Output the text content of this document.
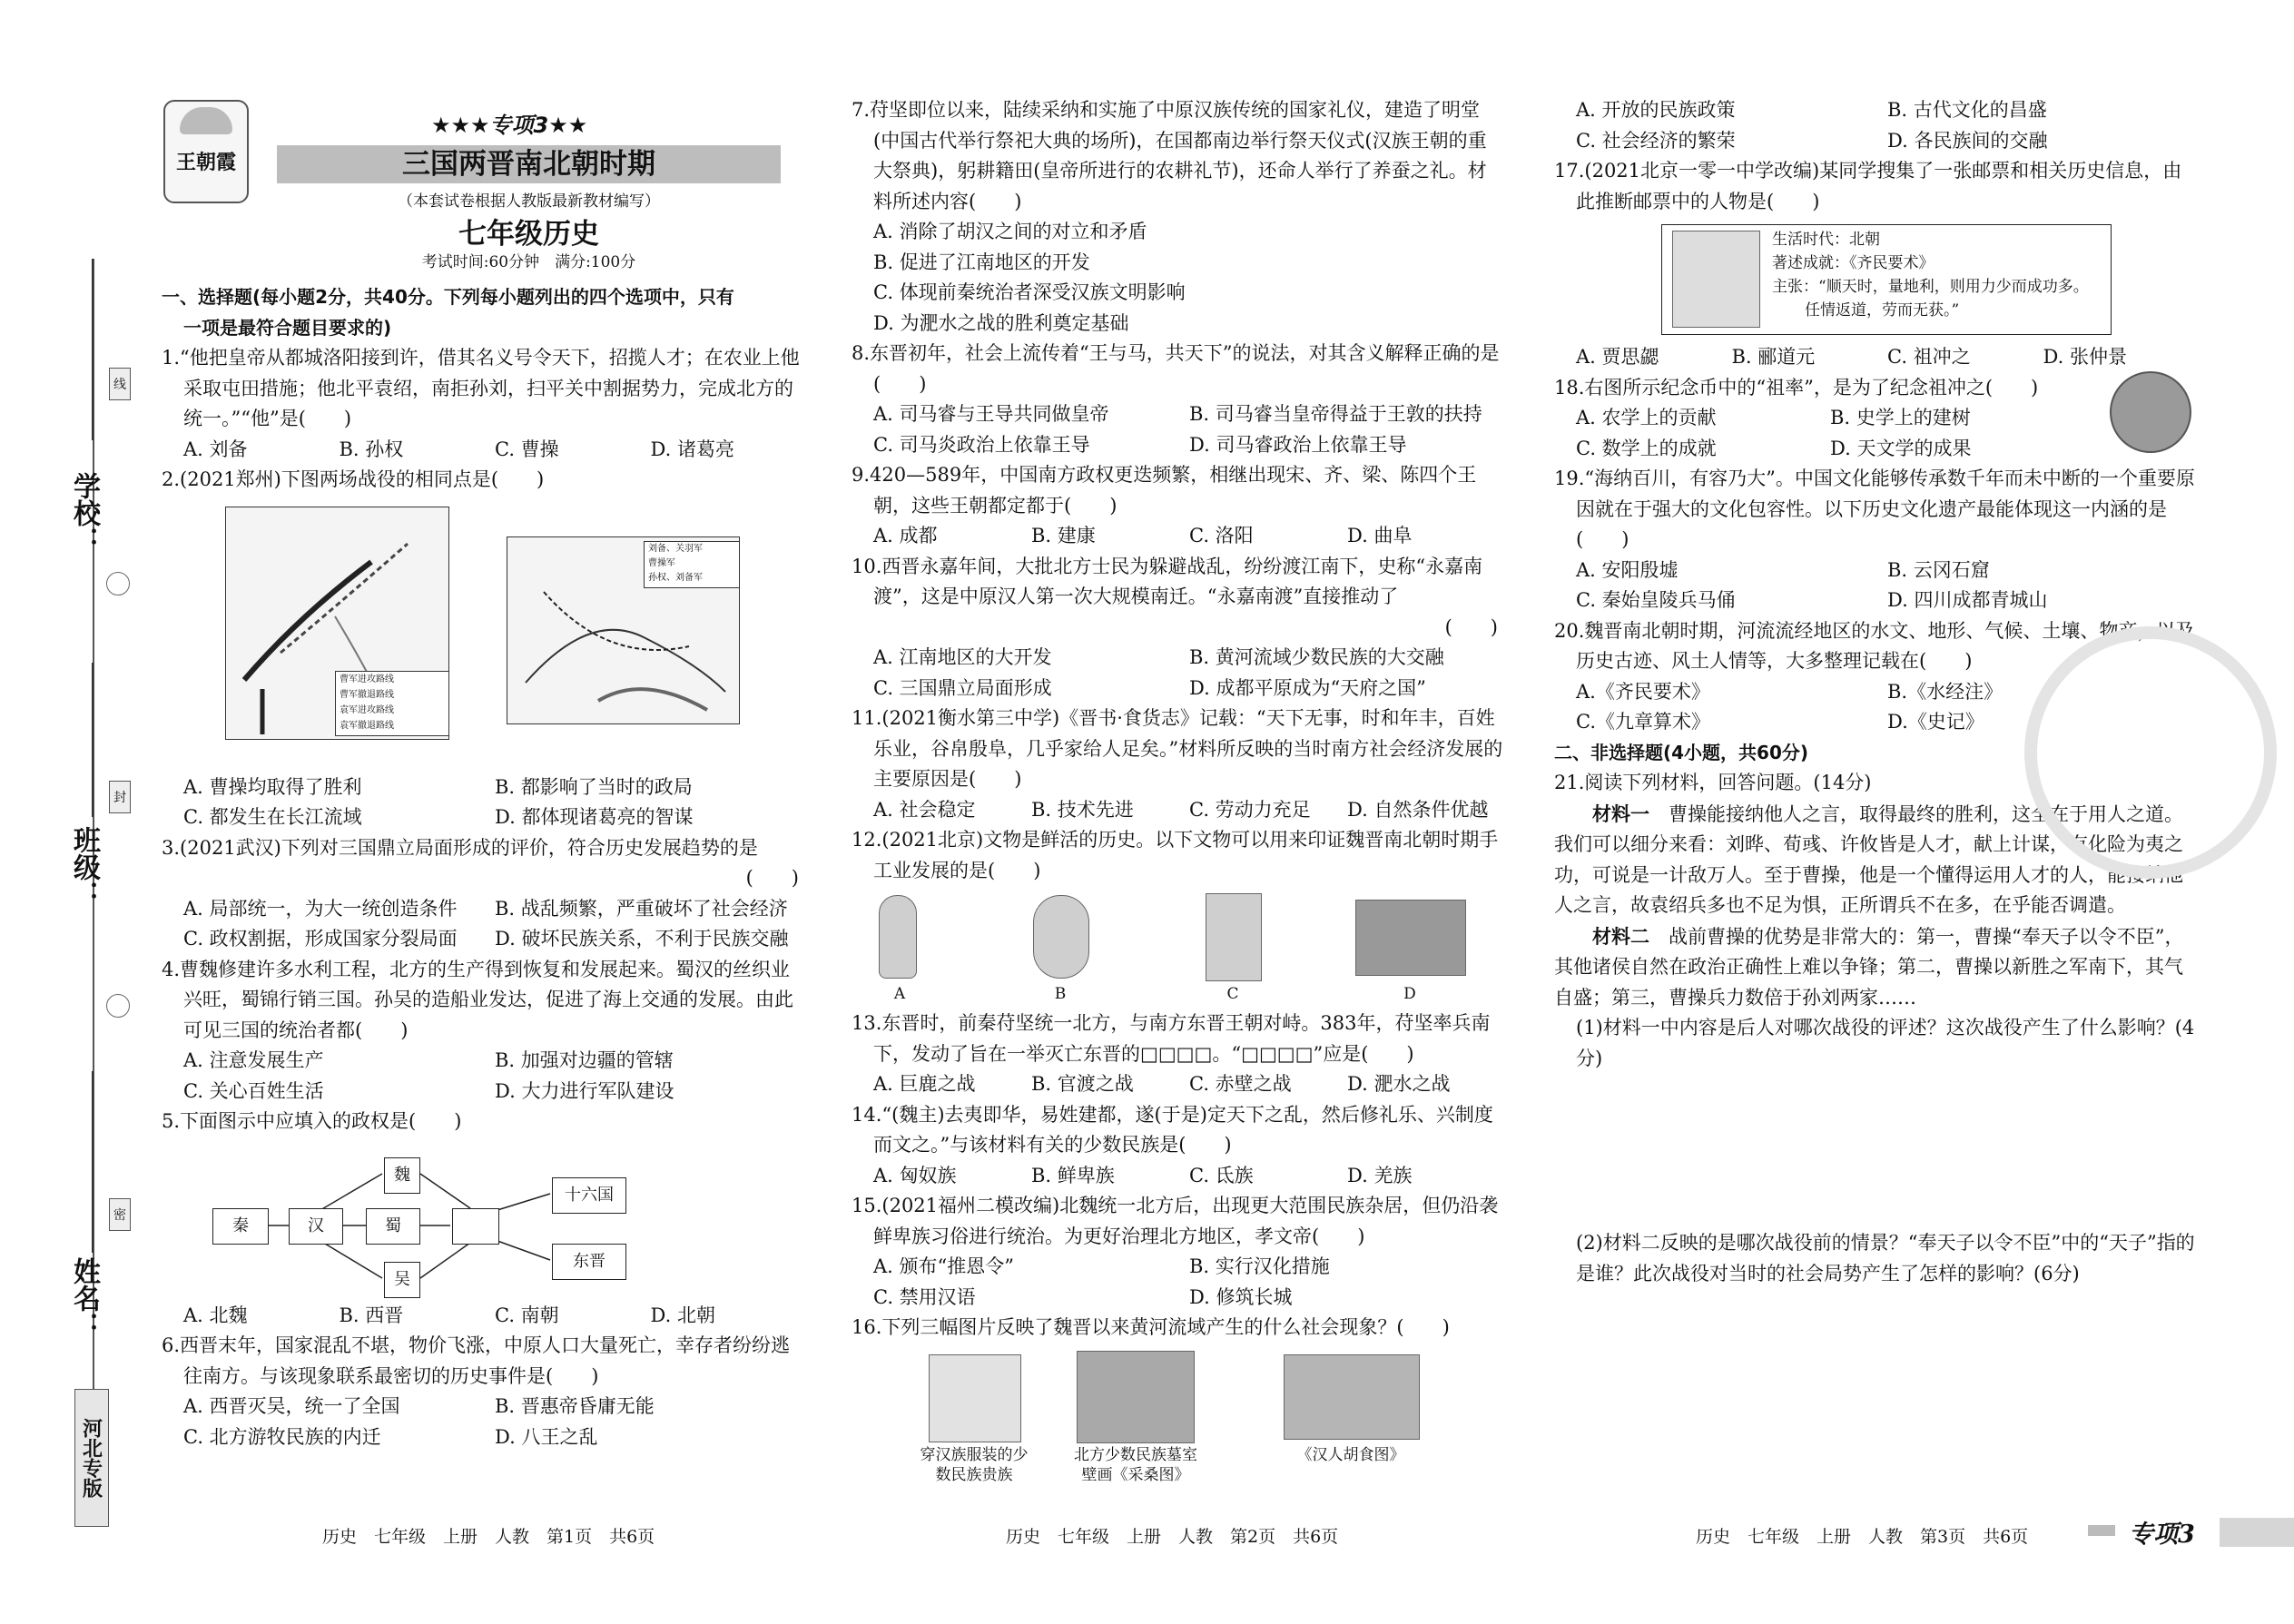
学校：
班级：
姓名：
线
封
密
河北专版
王朝霞
★★★专项3★★
三国两晋南北朝时期
（本套试卷根据人教版最新教材编写）
七年级历史
考试时间:60分钟　满分:100分

一、选择题(每小题2分，共40分。下列每小题列出的四个选项中，只有

一项是最符合题目要求的)

1.“他把皇帝从都城洛阳接到许，借其名义号令天下，招揽人才；在农业上他采取屯田措施；他北平袁绍，南拒孙刘，扫平关中割据势力，完成北方的统一。”“他”是(　　)

A. 刘备	B. 孙权	C. 曹操	D. 诸葛亮

2.(2021郑州)下图两场战役的相同点是(　　)

曹军进攻路线
曹军撤退路线
袁军进攻路线
袁军撤退路线
刘备、关羽军
曹操军
孙权、刘备军
A. 曹操均取得了胜利	B. 都影响了当时的政局
C. 都发生在长江流域	D. 都体现诸葛亮的智谋

3.(2021武汉)下列对三国鼎立局面形成的评价，符合历史发展趋势的是

(　　)

A. 局部统一，为大一统创造条件	B. 战乱频繁，严重破坏了社会经济
C. 政权割据，形成国家分裂局面	D. 破坏民族关系，不利于民族交融

4.曹魏修建许多水利工程，北方的生产得到恢复和发展起来。蜀汉的丝织业兴旺，蜀锦行销三国。孙吴的造船业发达，促进了海上交通的发展。由此可见三国的统治者都(　　)

A. 注意发展生产	B. 加强对边疆的管辖
C. 关心百姓生活	D. 大力进行军队建设

5.下面图示中应填入的政权是(　　)

秦	汉
魏
蜀
吴
十六国
东晋
A. 北魏	B. 西晋	C. 南朝	D. 北朝

6.西晋末年，国家混乱不堪，物价飞涨，中原人口大量死亡，幸存者纷纷逃往南方。与该现象联系最密切的历史事件是(　　)

A. 西晋灭吴，统一了全国	B. 晋惠帝昏庸无能
C. 北方游牧民族的内迁	D. 八王之乱

7.苻坚即位以来，陆续采纳和实施了中原汉族传统的国家礼仪，建造了明堂(中国古代举行祭祀大典的场所)，在国都南边举行祭天仪式(汉族王朝的重大祭典)，躬耕籍田(皇帝所进行的农耕礼节)，还命人举行了养蚕之礼。材料所述内容(　　)

A. 消除了胡汉之间的对立和矛盾

B. 促进了江南地区的开发

C. 体现前秦统治者深受汉族文明影响

D. 为淝水之战的胜利奠定基础

8.东晋初年，社会上流传着“王与马，共天下”的说法，对其含义解释正确的是(　　)

A. 司马睿与王导共同做皇帝	B. 司马睿当皇帝得益于王敦的扶持
C. 司马炎政治上依靠王导	D. 司马睿政治上依靠王导

9.420—589年，中国南方政权更迭频繁，相继出现宋、齐、梁、陈四个王朝，这些王朝都定都于(　　)

A. 成都	B. 建康	C. 洛阳	D. 曲阜

10.西晋永嘉年间，大批北方士民为躲避战乱，纷纷渡江南下，史称“永嘉南渡”，这是中原汉人第一次大规模南迁。“永嘉南渡”直接推动了

(　　)

A. 江南地区的大开发	B. 黄河流域少数民族的大交融
C. 三国鼎立局面形成	D. 成都平原成为“天府之国”

11.(2021衡水第三中学)《晋书·食货志》记载：“天下无事，时和年丰，百姓乐业，谷帛殷阜，几乎家给人足矣。”材料所反映的当时南方社会经济发展的主要原因是(　　)

A. 社会稳定	B. 技术先进	C. 劳动力充足	D. 自然条件优越

12.(2021北京)文物是鲜活的历史。以下文物可以用来印证魏晋南北朝时期手工业发展的是(　　)

A	B	C	D

13.东晋时，前秦苻坚统一北方，与南方东晋王朝对峙。383年，苻坚率兵南下，发动了旨在一举灭亡东晋的□□□□。“□□□□”应是(　　)

A. 巨鹿之战	B. 官渡之战	C. 赤壁之战	D. 淝水之战

14.“(魏主)去夷即华，易姓建都，遂(于是)定天下之乱，然后修礼乐、兴制度而文之。”与该材料有关的少数民族是(　　)

A. 匈奴族	B. 鲜卑族	C. 氐族	D. 羌族

15.(2021福州二模改编)北魏统一北方后，出现更大范围民族杂居，但仍沿袭鲜卑族习俗进行统治。为更好治理北方地区，孝文帝(　　)

A. 颁布“推恩令”	B. 实行汉化措施
C. 禁用汉语	D. 修筑长城

16.下列三幅图片反映了魏晋以来黄河流域产生的什么社会现象？(　　)

穿汉族服装的少数民族贵族
北方少数民族墓室壁画《采桑图》
《汉人胡食图》
A. 开放的民族政策	B. 古代文化的昌盛
C. 社会经济的繁荣	D. 各民族间的交融

17.(2021北京一零一中学改编)某同学搜集了一张邮票和相关历史信息，由此推断邮票中的人物是(　　)

生活时代：北朝
著述成就：《齐民要术》
主张：“顺天时，量地利，则用力少而成功多。
任情返道，劳而无获。”
A. 贾思勰	B. 郦道元	C. 祖冲之	D. 张仲景

18.右图所示纪念币中的“祖率”，是为了纪念祖冲之(　　)

A. 农学上的贡献	B. 史学上的建树
C. 数学上的成就	D. 天文学的成果

19.“海纳百川，有容乃大”。中国文化能够传承数千年而未中断的一个重要原因就在于强大的文化包容性。以下历史文化遗产最能体现这一内涵的是(　　)

A. 安阳殷墟	B. 云冈石窟
C. 秦始皇陵兵马俑	D. 四川成都青城山

20.魏晋南北朝时期，河流流经地区的水文、地形、气候、土壤、物产，以及历史古迹、风土人情等，大多整理记载在(　　)

A.《齐民要术》	B.《水经注》
C.《九章算术》	D.《史记》

二、非选择题(4小题，共60分)

21.阅读下列材料，回答问题。(14分)

材料一　 曹操能接纳他人之言，取得最终的胜利，这全在于用人之道。我们可以细分来看：刘晔、荀彧、许攸皆是人才，献上计谋，有化险为夷之功，可说是一计敌万人。至于曹操，他是一个懂得运用人才的人，能接纳他人之言，故袁绍兵多也不足为惧，正所谓兵不在多，在乎能否调遣。

材料二　 战前曹操的优势是非常大的：第一，曹操“奉天子以令不臣”，其他诸侯自然在政治正确性上难以争锋；第二，曹操以新胜之军南下，其气自盛；第三，曹操兵力数倍于孙刘两家……

(1)材料一中内容是后人对哪次战役的评述？这次战役产生了什么影响？(4分)

(2)材料二反映的是哪次战役前的情景？“奉天子以令不臣”中的“天子”指的是谁？此次战役对当时的社会局势产生了怎样的影响？(6分)

历史　七年级　上册　人教　第1页　共6页	历史　七年级　上册　人教　第2页　共6页	历史　七年级　上册　人教　第3页　共6页	专项3
